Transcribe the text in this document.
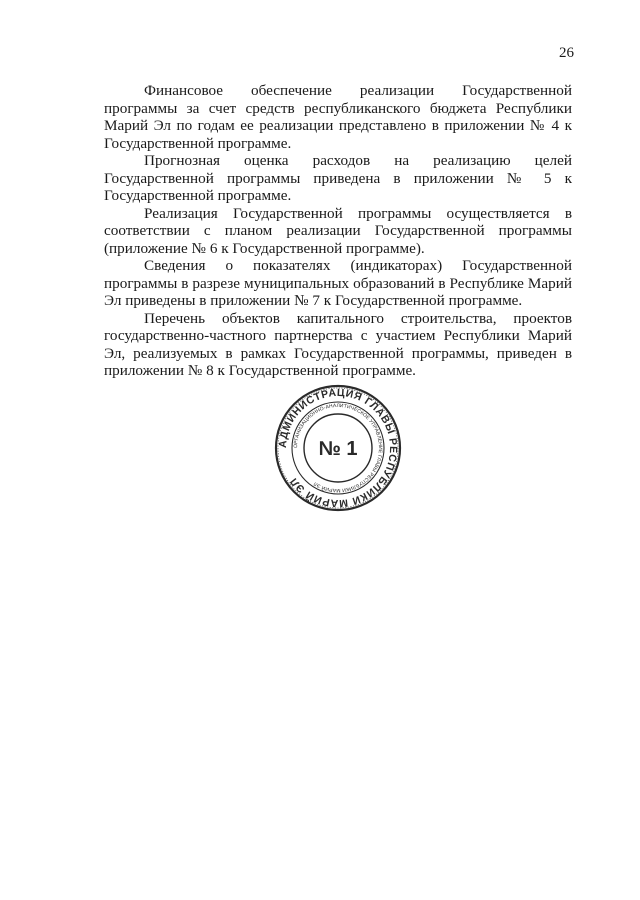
26

Финансовое обеспечение реализации Государственной программы за счет средств республиканского бюджета Республики Марий Эл по годам ее реализации представлено в приложении № 4 к Государственной программе.

Прогнозная оценка расходов на реализацию целей Государственной программы приведена в приложении № 5 к Государственной программе.

Реализация Государственной программы осуществляется в соответствии с планом реализации Государственной программы (приложение № 6 к Государственной программе).

Сведения о показателях (индикаторах) Государственной программы в разрезе муниципальных образований в Республике Марий Эл приведены в приложении № 7 к Государственной программе.

Перечень объектов капитального строительства, проектов государственно-частного партнерства с участием Республики Марий Эл, реализуемых в рамках Государственной программы, приведен в приложении № 8 к Государственной программе.

АДМИНИСТРАЦИЯ ГЛАВЫ РЕСПУБЛИКИ МАРИЙ ЭЛ
ОРГАНИЗАЦИОННО-АНАЛИТИЧЕСКОЕ УПРАВЛЕНИЕ ГЛАВЫ РЕСПУБЛИКИ МАРИЙ ЭЛ
№ 1
